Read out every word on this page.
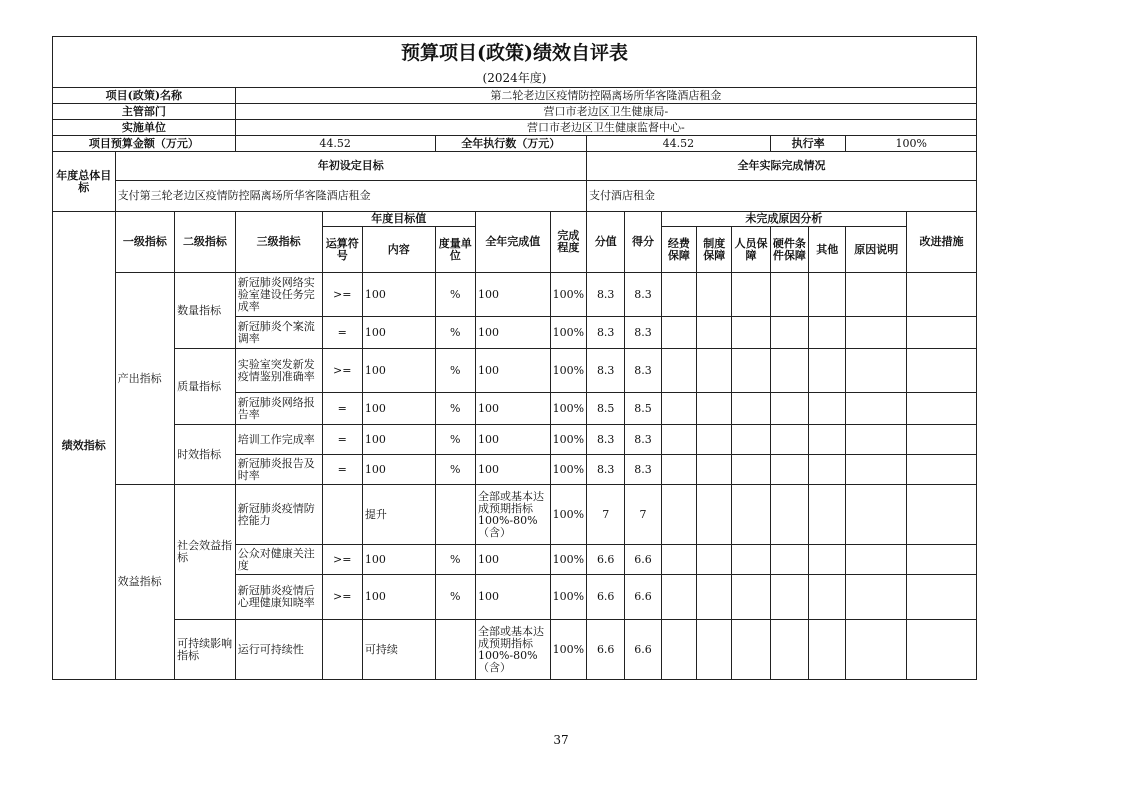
预算项目(政策)绩效自评表																	
(2024年度)																	
项目(政策)名称			第二轮老边区疫情防控隔离场所华客隆酒店租金														
主管部门			营口市老边区卫生健康局-														
实施单位			营口市老边区卫生健康监督中心-														
项目预算金额（万元）			44.52			全年执行数（万元）			44.52					执行率		100%	
年度总体目标	年初设定目标								全年实际完成情况								
	支付第三轮老边区疫情防控隔离场所华客隆酒店租金								支付酒店租金								
绩效指标	一级指标	二级指标	三级指标	年度目标值			全年完成值	完成程度	分值	得分	未完成原因分析						改进措施
				运算符号	内容	度量单位					经费保障	制度保障	人员保障	硬件条件保障	其他	原因说明	
	产出指标	数量指标	新冠肺炎网络实验室建设任务完成率	>=	100	%	100	100%	8.3	8.3							
			新冠肺炎个案流调率	=	100	%	100	100%	8.3	8.3							
		质量指标	实验室突发新发疫情鉴别准确率	>=	100	%	100	100%	8.3	8.3							
			新冠肺炎网络报告率	=	100	%	100	100%	8.5	8.5							
		时效指标	培训工作完成率	=	100	%	100	100%	8.3	8.3							
			新冠肺炎报告及时率	=	100	%	100	100%	8.3	8.3							
	效益指标	社会效益指标	新冠肺炎疫情防控能力		提升		全部或基本达成预期指标100%-80%（含）	100%	7	7							
			公众对健康关注度	>=	100	%	100	100%	6.6	6.6							
			新冠肺炎疫情后心理健康知晓率	>=	100	%	100	100%	6.6	6.6							
		可持续影响指标	运行可持续性		可持续		全部或基本达成预期指标100%-80%（含）	100%	6.6	6.6							
37
